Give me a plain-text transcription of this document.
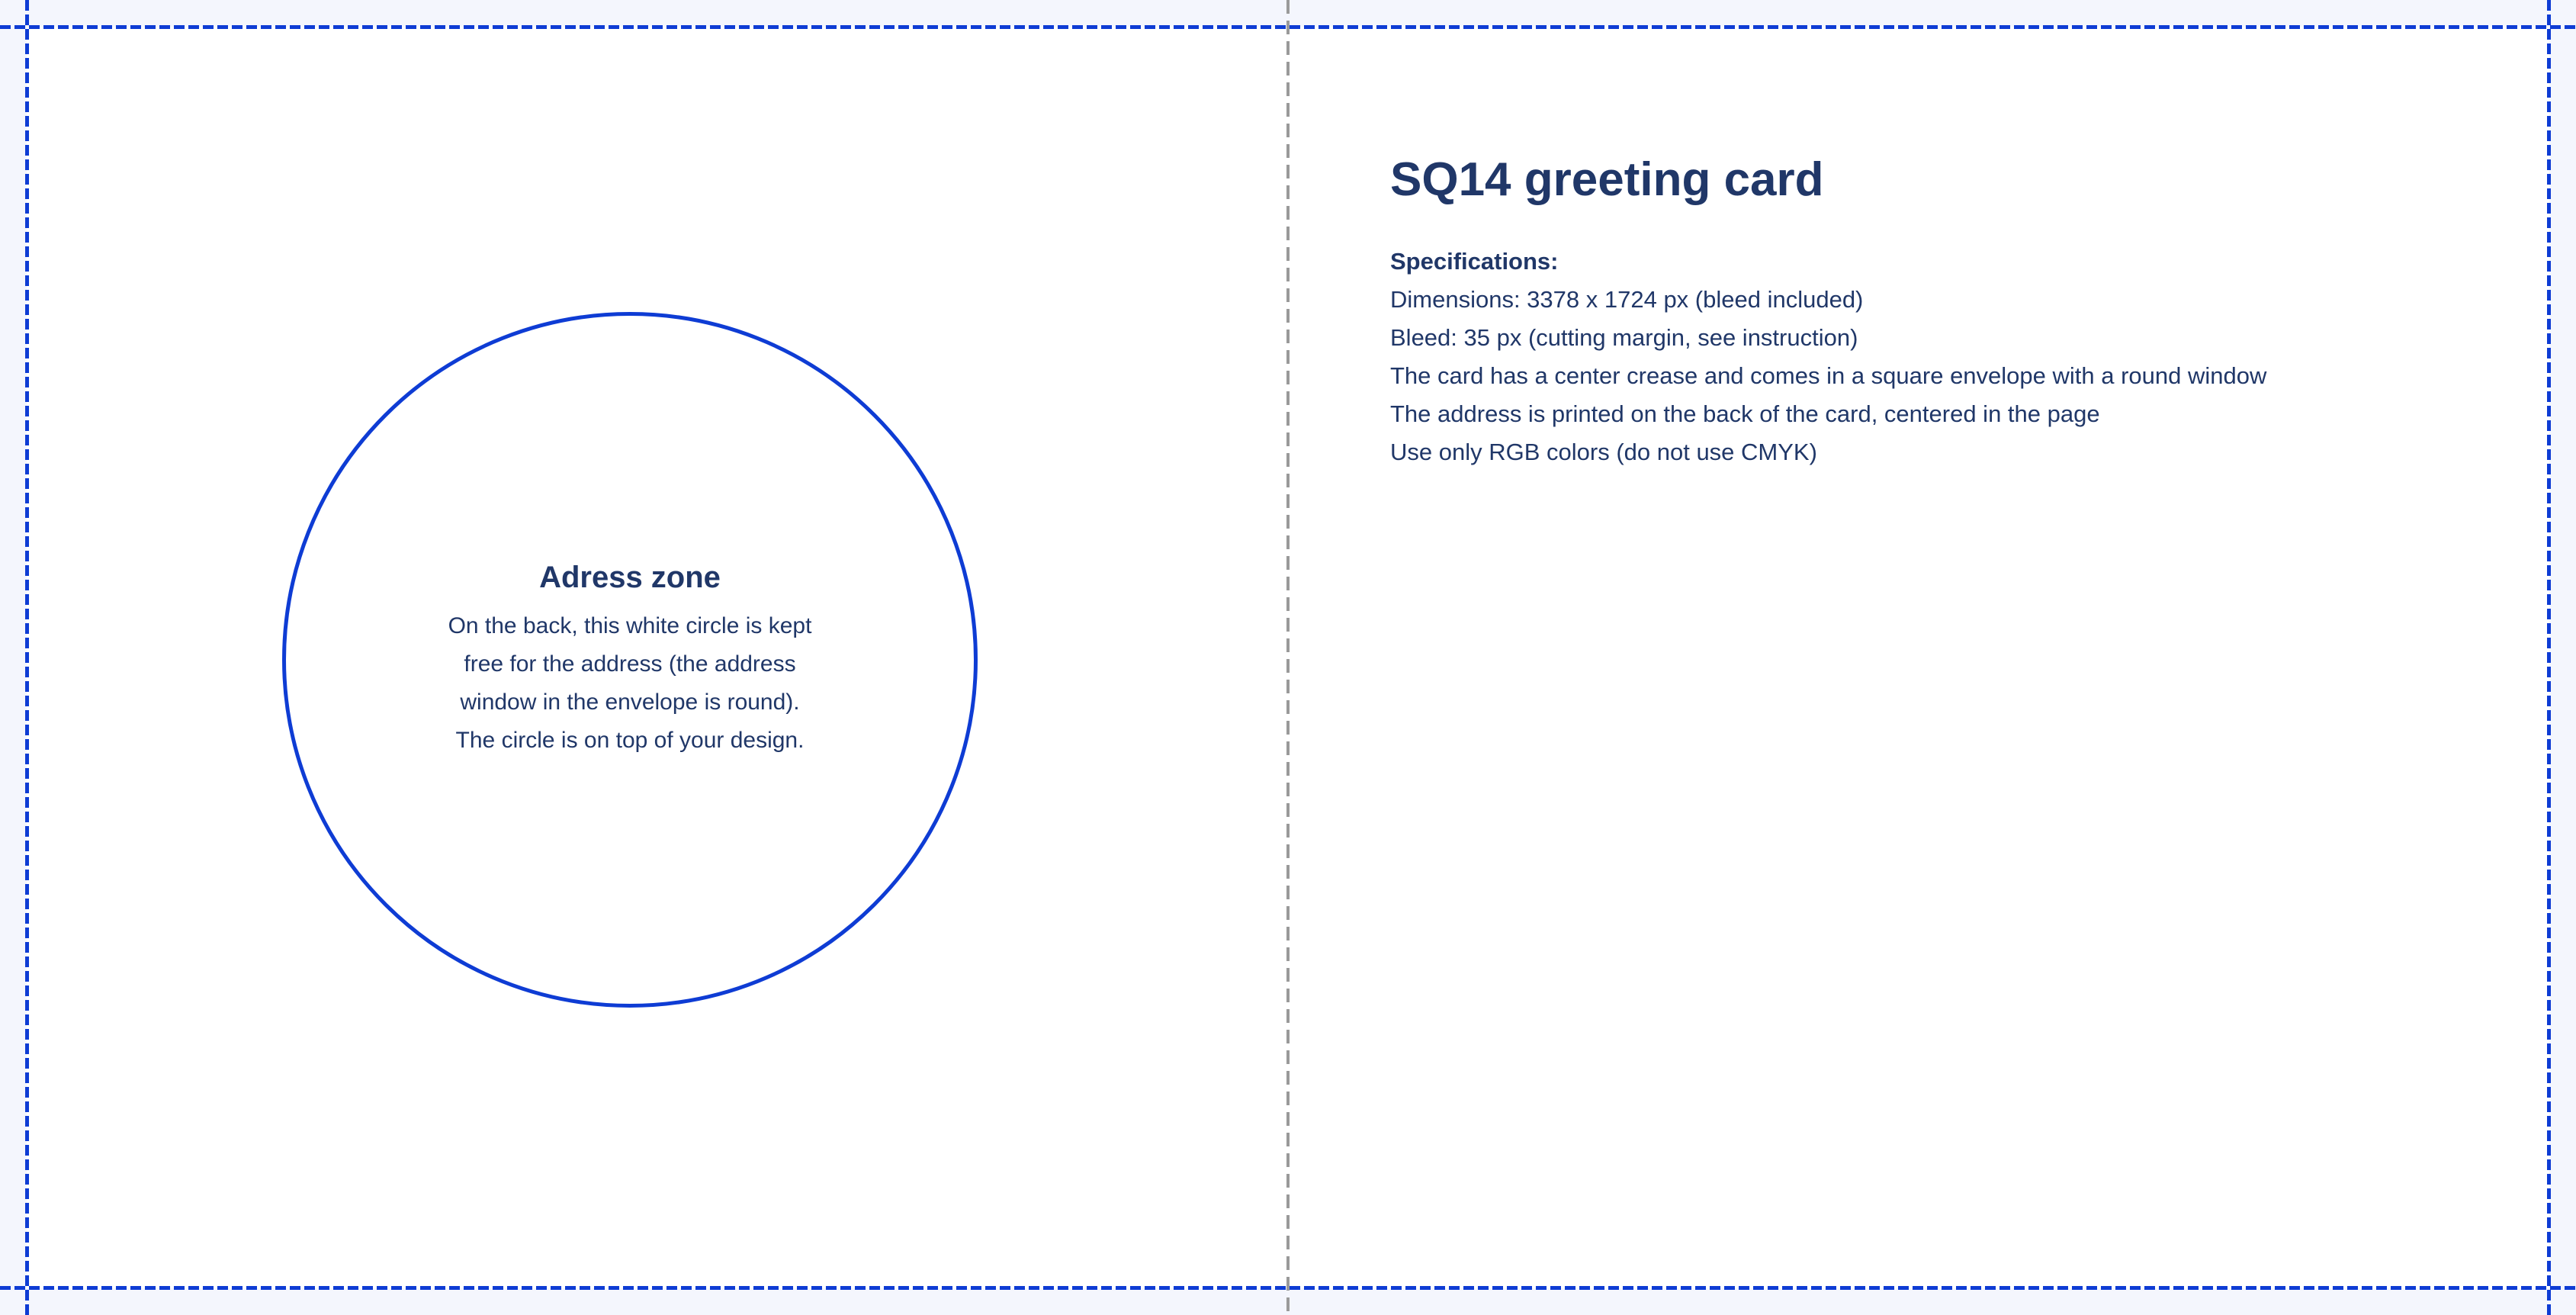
Adress zone
On the back, this white circle is kept
free for the address (the address
window in the envelope is round).
The circle is on top of your design.
SQ14 greeting card
Specifications:
Dimensions: 3378 x 1724 px (bleed included)
Bleed: 35 px (cutting margin, see instruction)
The card has a center crease and comes in a square envelope with a round window
The address is printed on the back of the card, centered in the page
Use only RGB colors (do not use CMYK)
